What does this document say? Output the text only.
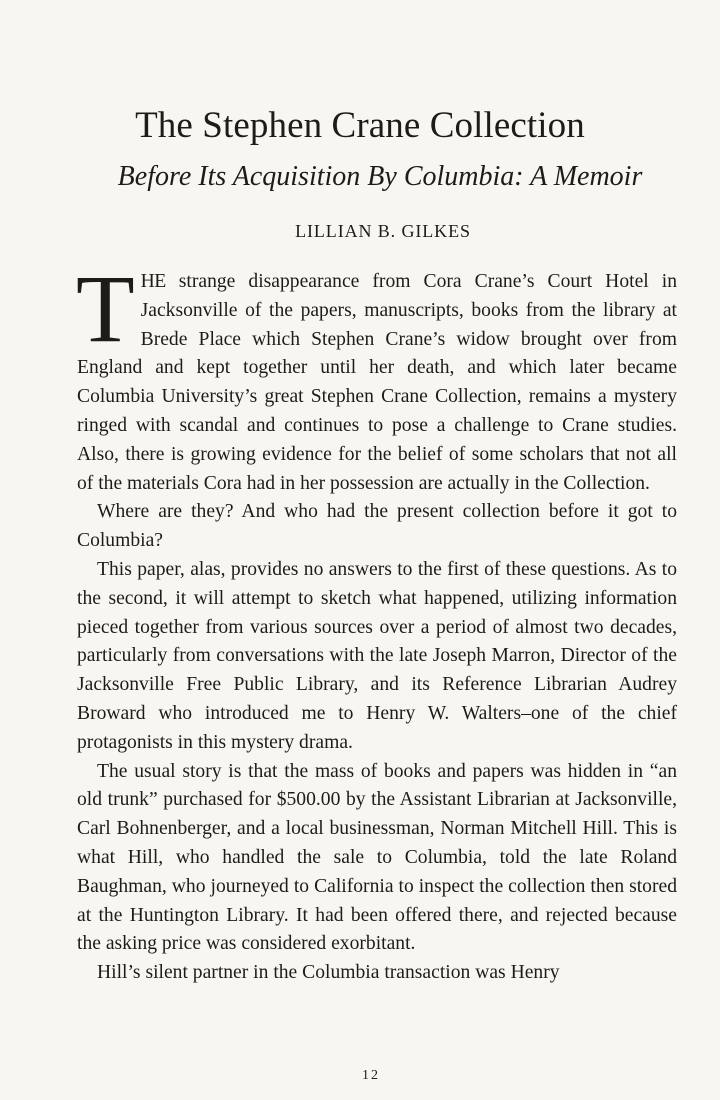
The Stephen Crane Collection
Before Its Acquisition By Columbia: A Memoir
LILLIAN B. GILKES

THE strange disappearance from Cora Crane’s Court Hotel in Jacksonville of the papers, manuscripts, books from the library at Brede Place which Stephen Crane’s widow brought over from England and kept together until her death, and which later became Columbia University’s great Stephen Crane Collection, remains a mystery ringed with scandal and continues to pose a challenge to Crane studies. Also, there is growing evidence for the belief of some scholars that not all of the materials Cora had in her possession are actually in the Collection.

Where are they? And who had the present collection before it got to Columbia?

This paper, alas, provides no answers to the first of these questions. As to the second, it will attempt to sketch what happened, utilizing information pieced together from various sources over a period of almost two decades, particularly from conversations with the late Joseph Marron, Director of the Jacksonville Free Public Library, and its Reference Librarian Audrey Broward who introduced me to Henry W. Walters–one of the chief protagonists in this mystery drama.

The usual story is that the mass of books and papers was hidden in “an old trunk” purchased for $500.00 by the Assistant Librarian at Jacksonville, Carl Bohnenberger, and a local businessman, Norman Mitchell Hill. This is what Hill, who handled the sale to Columbia, told the late Roland Baughman, who journeyed to California to inspect the collection then stored at the Huntington Library. It had been offered there, and rejected because the asking price was considered exorbitant.

Hill’s silent partner in the Columbia transaction was Henry

12
